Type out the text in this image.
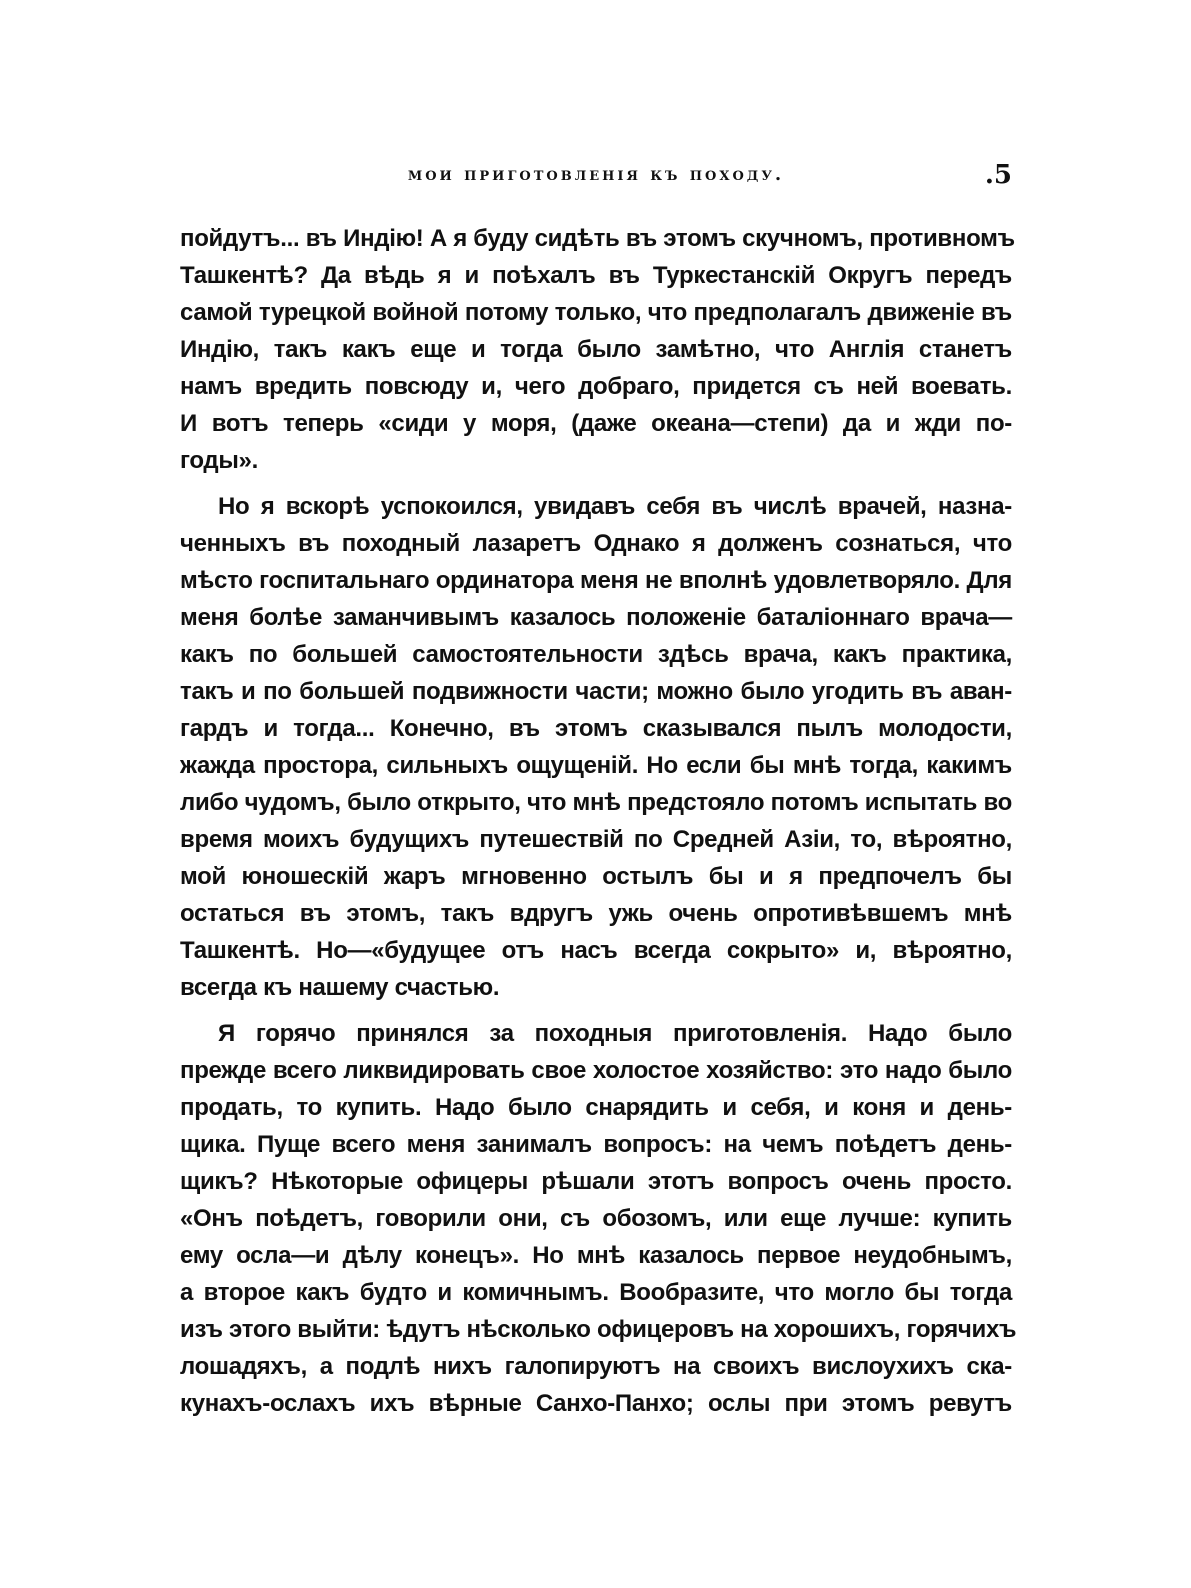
мои приготовленія къ походу.	.5
пойдутъ... въ Индію! А я буду сидѣть въ этомъ скучномъ, противномъ
Ташкентѣ? Да вѣдь я и поѣхалъ въ Туркестанскій Округъ передъ
самой турецкой войной потому только, что предполагалъ движеніе въ
Индію, такъ какъ еще и тогда было замѣтно, что Англія станетъ
намъ вредить повсюду и, чего добраго, придется съ ней воевать.
И вотъ теперь «сиди у моря, (даже океана—степи) да и жди по-
годы».
Но я вскорѣ успокоился, увидавъ себя въ числѣ врачей, назна-
ченныхъ въ походный лазаретъ Однако я долженъ сознаться, что
мѣсто госпитальнаго ординатора меня не вполнѣ удовлетворяло. Для
меня болѣе заманчивымъ казалось положеніе баталіоннаго врача—
какъ по большей самостоятельности здѣсь врача, какъ практика,
такъ и по большей подвижности части; можно было угодить въ аван-
гардъ и тогда... Конечно, въ этомъ сказывался пылъ молодости,
жажда простора, сильныхъ ощущеній. Но если бы мнѣ тогда, какимъ
либо чудомъ, было открыто, что мнѣ предстояло потомъ испытать во
время моихъ будущихъ путешествій по Средней Азіи, то, вѣроятно,
мой юношескій жаръ мгновенно остылъ бы и я предпочелъ бы
остаться въ этомъ, такъ вдругъ ужь очень опротивѣвшемъ мнѣ
Ташкентѣ. Но—«будущее отъ насъ всегда сокрыто» и, вѣроятно,
всегда къ нашему счастью.
Я горячо принялся за походныя приготовленія. Надо было
прежде всего ликвидировать свое холостое хозяйство: это надо было
продать, то купить. Надо было снарядить и себя, и коня и день-
щика. Пуще всего меня занималъ вопросъ: на чемъ поѣдетъ день-
щикъ? Нѣкоторые офицеры рѣшали этотъ вопросъ очень просто.
«Онъ поѣдетъ, говорили они, съ обозомъ, или еще лучше: купить
ему осла—и дѣлу конецъ». Но мнѣ казалось первое неудобнымъ,
а второе какъ будто и комичнымъ. Вообразите, что могло бы тогда
изъ этого выйти: ѣдутъ нѣсколько офицеровъ на хорошихъ, горячихъ
лошадяхъ, а подлѣ нихъ галопируютъ на своихъ вислоухихъ ска-
кунахъ-ослахъ ихъ вѣрные Санхо-Панхо; ослы при этомъ ревутъ
